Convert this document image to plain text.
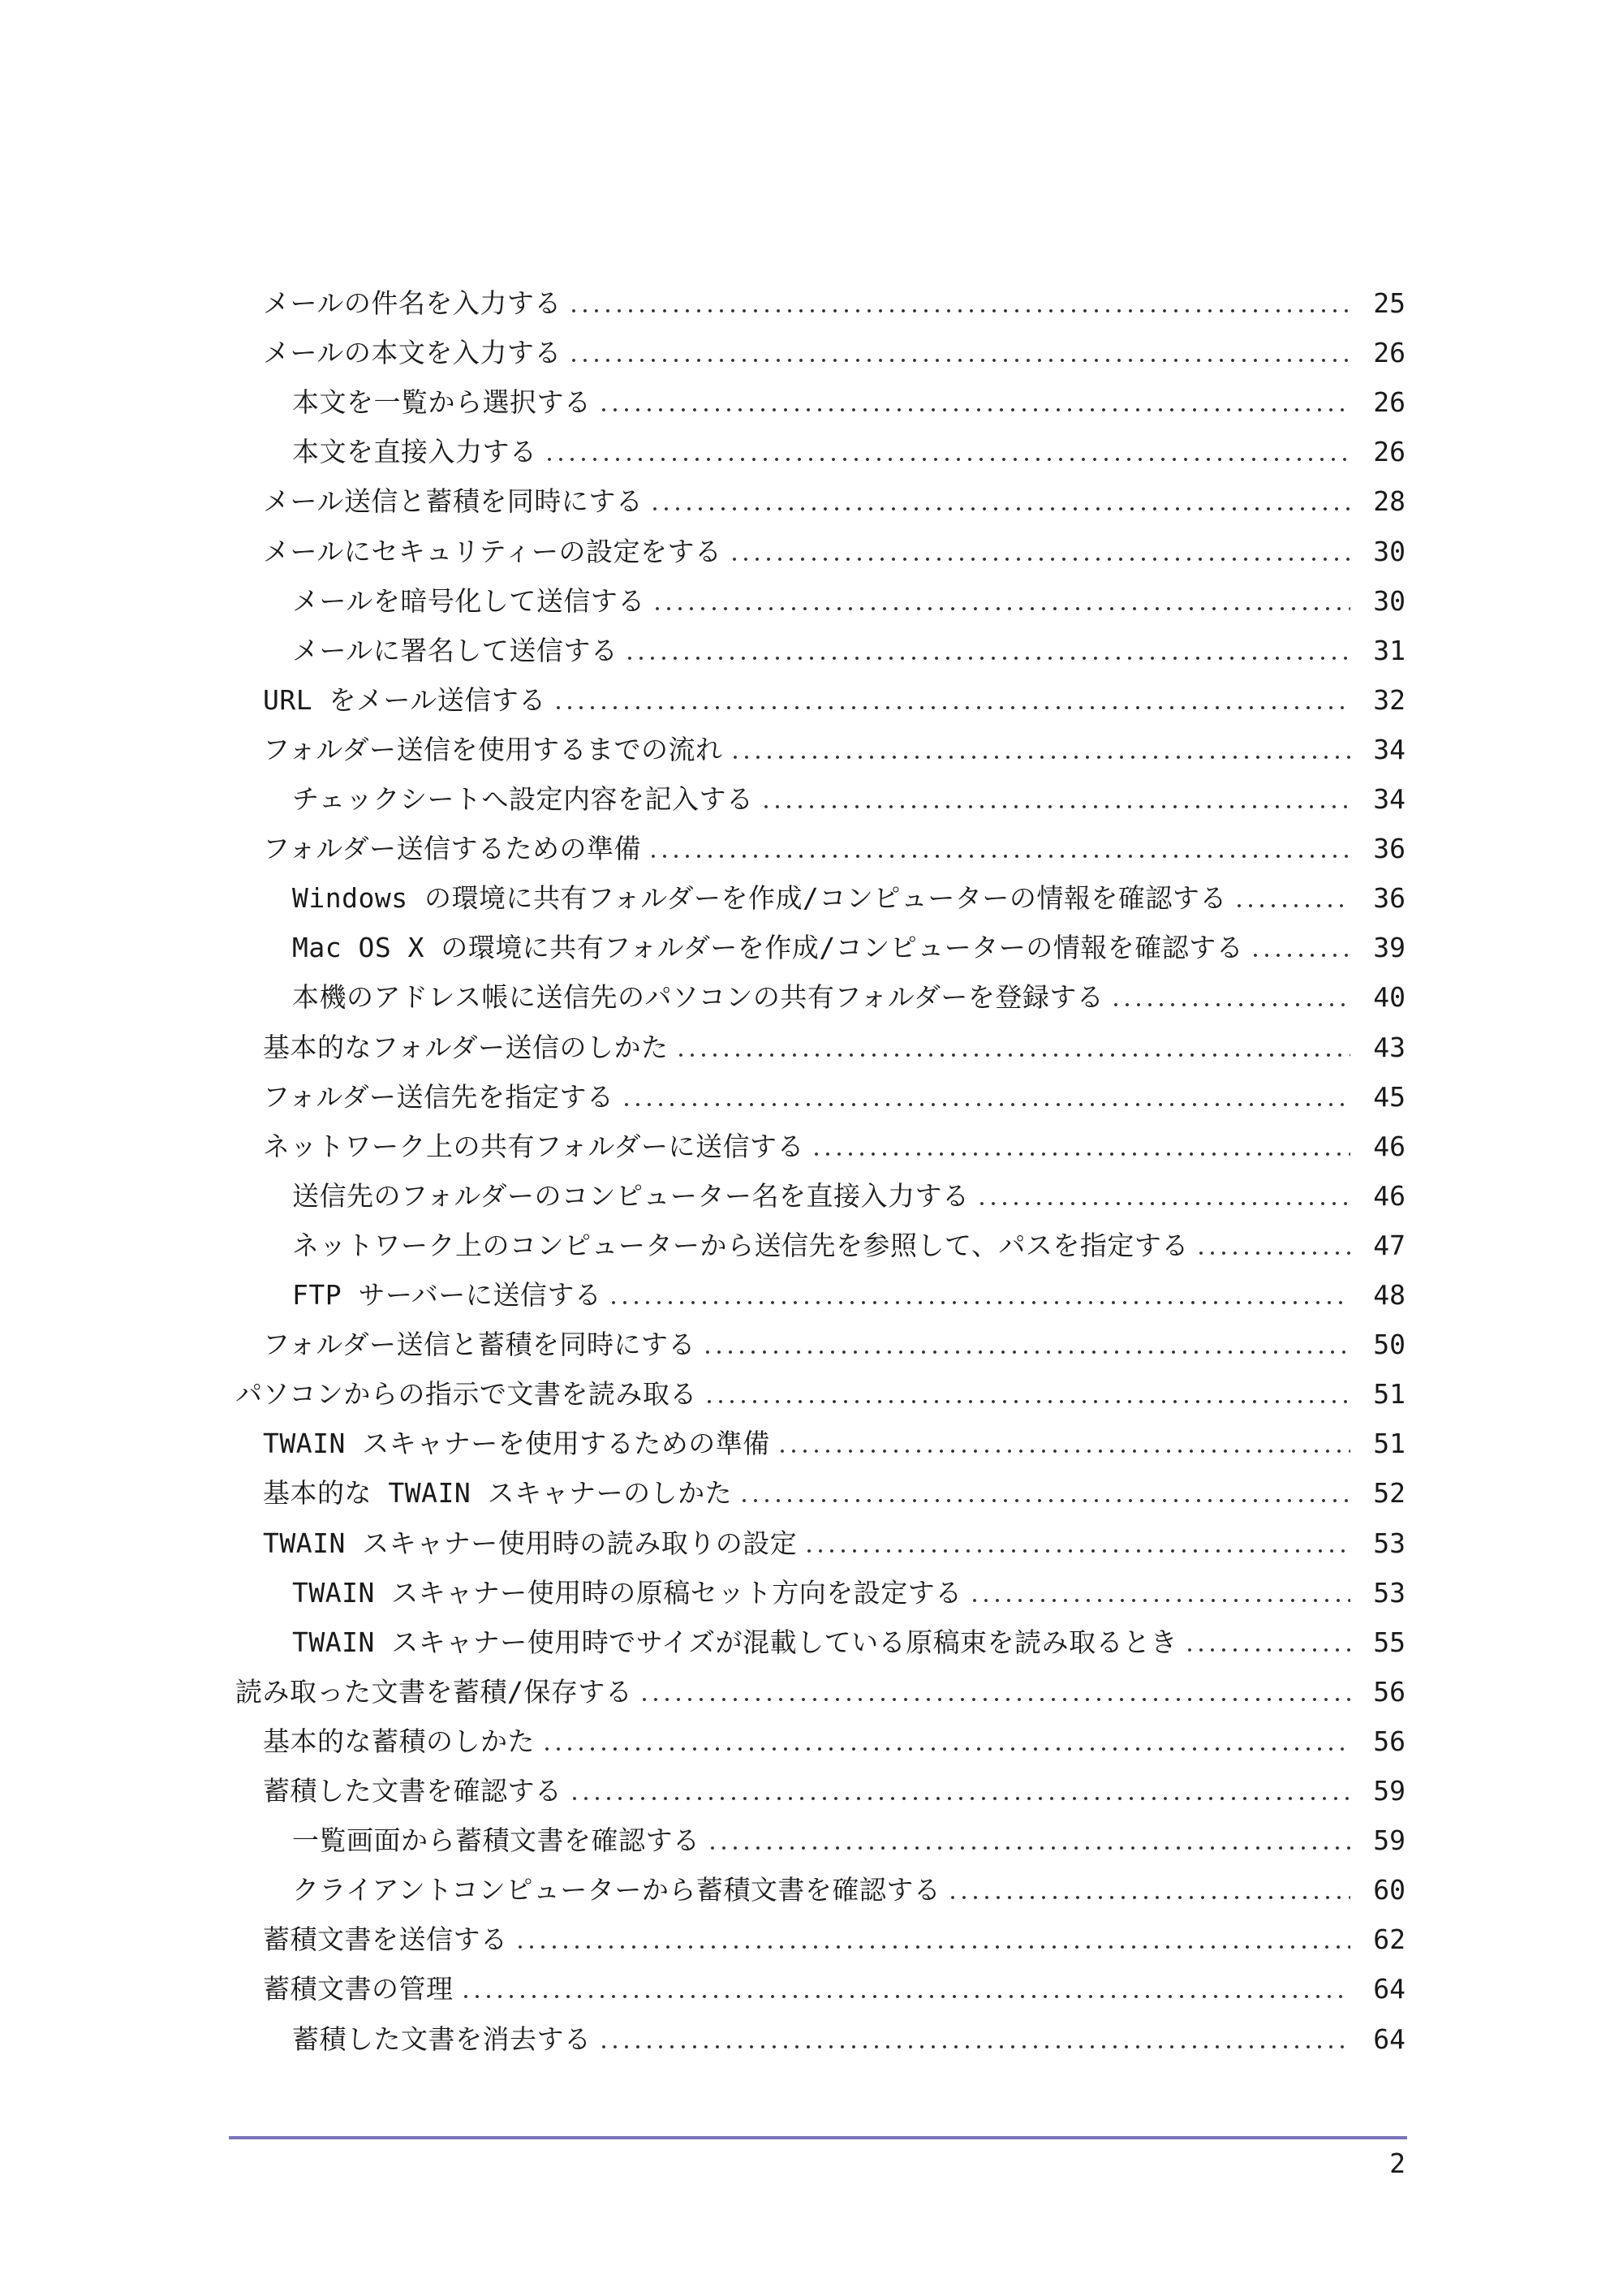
メールの件名を入力する	25
メールの本文を入力する	26
本文を一覧から選択する	26
本文を直接入力する	26
メール送信と蓄積を同時にする	28
メールにセキュリティーの設定をする	30
メールを暗号化して送信する	30
メールに署名して送信する	31
URL をメール送信する	32
フォルダー送信を使用するまでの流れ	34
チェックシートへ設定内容を記入する	34
フォルダー送信するための準備	36
Windows の環境に共有フォルダーを作成/コンピューターの情報を確認する	36
Mac OS X の環境に共有フォルダーを作成/コンピューターの情報を確認する	39
本機のアドレス帳に送信先のパソコンの共有フォルダーを登録する	40
基本的なフォルダー送信のしかた	43
フォルダー送信先を指定する	45
ネットワーク上の共有フォルダーに送信する	46
送信先のフォルダーのコンピューター名を直接入力する	46
ネットワーク上のコンピューターから送信先を参照して、パスを指定する	47
FTP サーバーに送信する	48
フォルダー送信と蓄積を同時にする	50
パソコンからの指示で文書を読み取る	51
TWAIN スキャナーを使用するための準備	51
基本的な TWAIN スキャナーのしかた	52
TWAIN スキャナー使用時の読み取りの設定	53
TWAIN スキャナー使用時の原稿セット方向を設定する	53
TWAIN スキャナー使用時でサイズが混載している原稿束を読み取るとき	55
読み取った文書を蓄積/保存する	56
基本的な蓄積のしかた	56
蓄積した文書を確認する	59
一覧画面から蓄積文書を確認する	59
クライアントコンピューターから蓄積文書を確認する	60
蓄積文書を送信する	62
蓄積文書の管理	64
蓄積した文書を消去する	64
2
